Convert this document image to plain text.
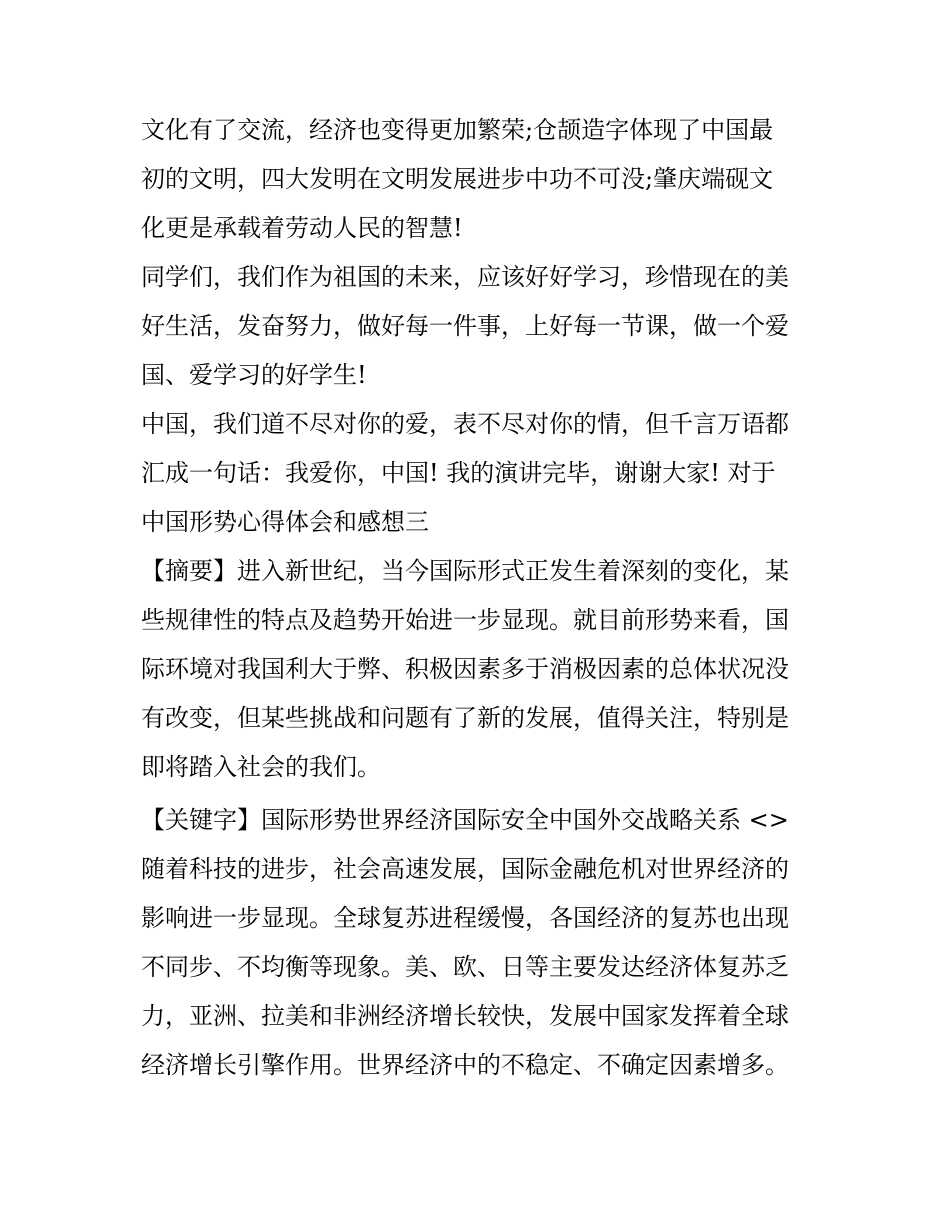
文化有了交流，经济也变得更加繁荣;仓颉造字体现了中国最
初的文明，四大发明在文明发展进步中功不可没;肇庆端砚文
化更是承载着劳动人民的智慧!
同学们，我们作为祖国的未来，应该好好学习，珍惜现在的美
好生活，发奋努力，做好每一件事，上好每一节课，做一个爱
国、爱学习的好学生!
中国，我们道不尽对你的爱，表不尽对你的情，但千言万语都
汇成一句话：我爱你，中国! 我的演讲完毕，谢谢大家! 对于
中国形势心得体会和感想三
【摘要】进入新世纪，当今国际形式正发生着深刻的变化，某
些规律性的特点及趋势开始进一步显现。就目前形势来看，国
际环境对我国利大于弊、积极因素多于消极因素的总体状况没
有改变，但某些挑战和问题有了新的发展，值得关注，特别是
即将踏入社会的我们。
【关键字】国际形势世界经济国际安全中国外交战略关系 <>
随着科技的进步，社会高速发展，国际金融危机对世界经济的
影响进一步显现。全球复苏进程缓慢，各国经济的复苏也出现
不同步、不均衡等现象。美、欧、日等主要发达经济体复苏乏
力，亚洲、拉美和非洲经济增长较快，发展中国家发挥着全球
经济增长引擎作用。世界经济中的不稳定、不确定因素增多。
